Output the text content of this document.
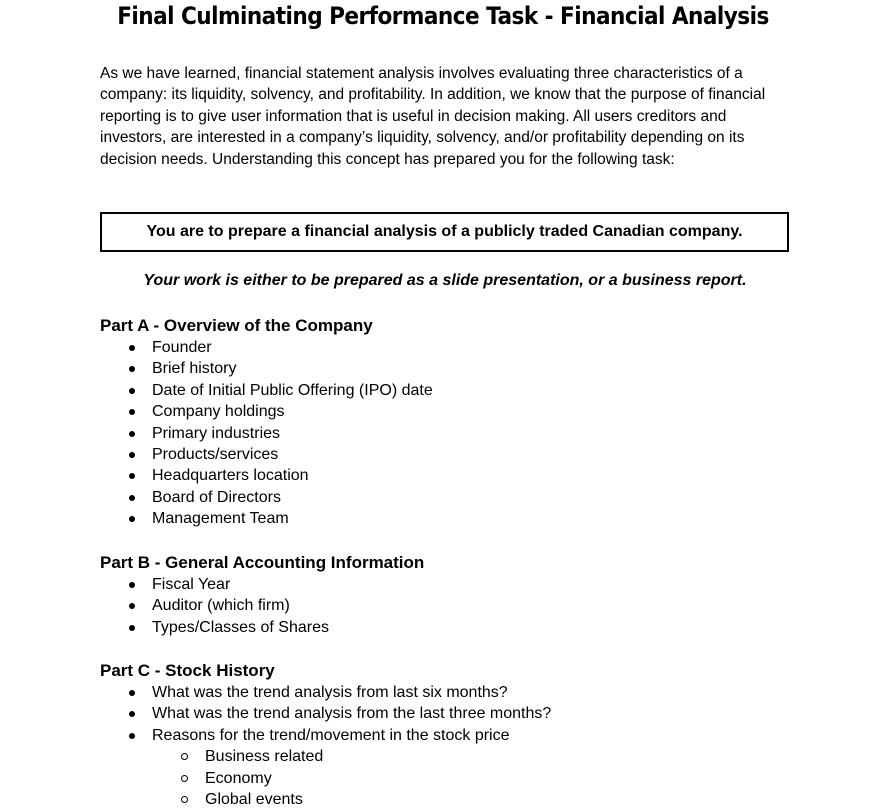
Final Culminating Performance Task - Financial Analysis

As we have learned, financial statement analysis involves evaluating three characteristics of a company: its liquidity, solvency, and profitability. In addition, we know that the purpose of financial reporting is to give user information that is useful in decision making. All users creditors and investors, are interested in a company’s liquidity, solvency, and/or profitability depending on its decision needs. Understanding this concept has prepared you for the following task:

You are to prepare a financial analysis of a publicly traded Canadian company.

Your work is either to be prepared as a slide presentation, or a business report.

Part A - Overview of the Company
Founder
Brief history
Date of Initial Public Offering (IPO) date
Company holdings
Primary industries
Products/services
Headquarters location
Board of Directors
Management Team
Part B - General Accounting Information
Fiscal Year
Auditor (which firm)
Types/Classes of Shares
Part C - Stock History
What was the trend analysis from last six months?
What was the trend analysis from the last three months?
Reasons for the trend/movement in the stock price
Business related
Economy
Global events
